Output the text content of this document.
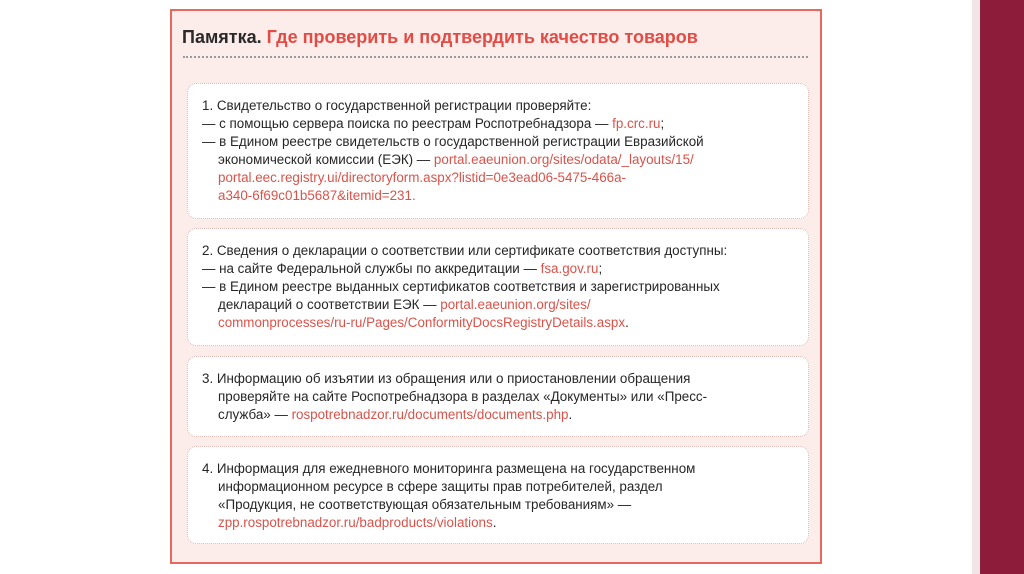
Памятка. Где проверить и подтвердить качество товаров
1. Свидетельство о государственной регистрации проверяйте:
— с помощью сервера поиска по реестрам Роспотребнадзора — fp.crc.ru;
— в Едином реестре свидетельств о государственной регистрации Евразийской
экономической комиссии (ЕЭК) — portal.eaeunion.org/sites/odata/_layouts/15/
portal.eec.registry.ui/directoryform.aspx?listid=0e3ead06-5475-466a-
a340-6f69c01b5687&itemid=231.
2. Сведения о декларации о соответствии или сертификате соответствия доступны:
— на сайте Федеральной службы по аккредитации — fsa.gov.ru;
— в Едином реестре выданных сертификатов соответствия и зарегистрированных
деклараций о соответствии ЕЭК — portal.eaeunion.org/sites/
commonprocesses/ru-ru/Pages/ConformityDocsRegistryDetails.aspx.
3. Информацию об изъятии из обращения или о приостановлении обращения
проверяйте на сайте Роспотребнадзора в разделах «Документы» или «Пресс-
служба» — rospotrebnadzor.ru/documents/documents.php.
4. Информация для ежедневного мониторинга размещена на государственном
информационном ресурсе в сфере защиты прав потребителей, раздел
«Продукция, не соответствующая обязательным требованиям» —
zpp.rospotrebnadzor.ru/badproducts/violations.
